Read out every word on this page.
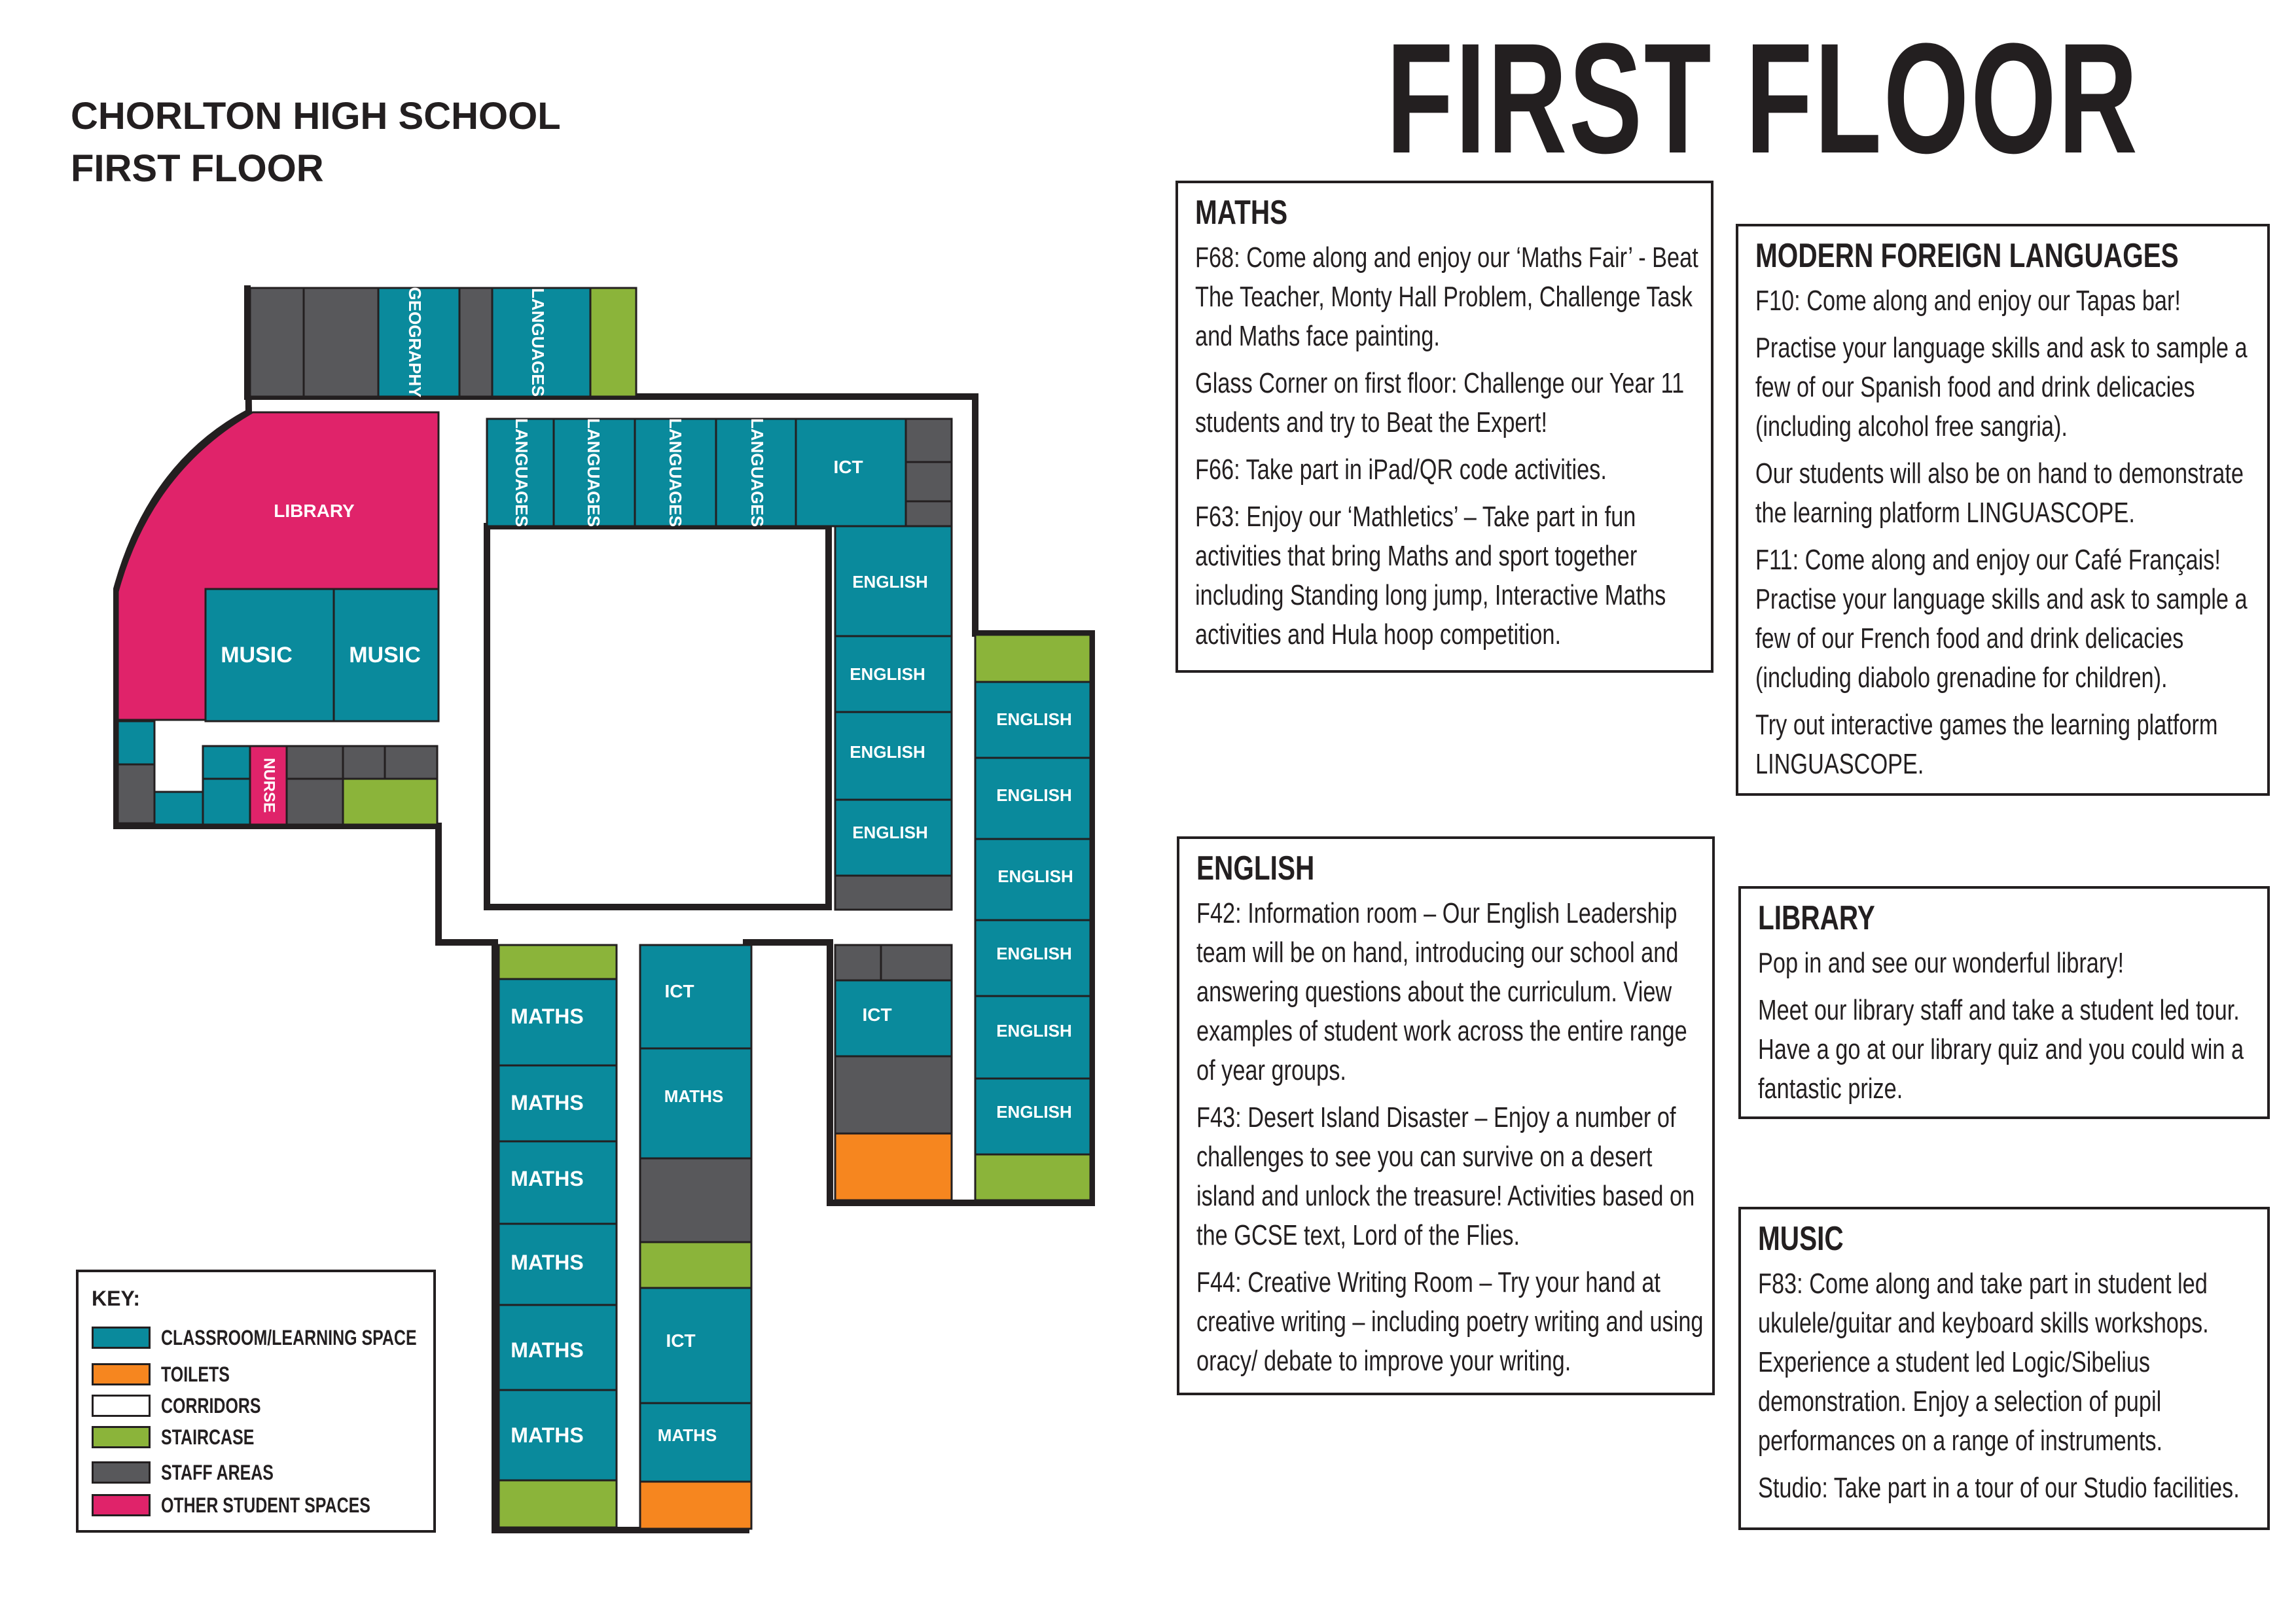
CHORLTON HIGH SCHOOL
FIRST FLOOR	FIRST FLOOR
GEOGRAPHY	LANGUAGES
LIBRARY	LANGUAGES	LANGUAGES	LANGUAGES	LANGUAGES	ICT
MUSIC	MUSIC
NURSE
ENGLISH
ENGLISH
ENGLISH
ENGLISH
ENGLISH
ENGLISH
ENGLISH
ENGLISH
ENGLISH
ENGLISH
ICT
ICT
MATHS
ICT
MATHS
MATHS
MATHS
MATHS
MATHS
MATHS
MATHS
KEY:
CLASSROOM/LEARNING SPACE
TOILETS
CORRIDORS
STAIRCASE
STAFF AREAS
OTHER STUDENT SPACES
MATHS
F68: Come along and enjoy our ‘Maths Fair’ - Beat The Teacher, Monty Hall Problem, Challenge Task and Maths face painting.
Glass Corner on first floor: Challenge our Year 11 students and try to Beat the Expert!
F66: Take part in iPad/QR code activities.
F63: Enjoy our ‘Mathletics’ – Take part in fun activities that bring Maths and sport together including Standing long jump, Interactive Maths activities and Hula hoop competition.
MODERN FOREIGN LANGUAGES
F10: Come along and enjoy our Tapas bar!
Practise your language skills and ask to sample a few of our Spanish food and drink delicacies (including alcohol free sangria).
Our students will also be on hand to demonstrate the learning platform LINGUASCOPE.
F11: Come along and enjoy our Café Français! Practise your language skills and ask to sample a few of our French food and drink delicacies (including diabolo grenadine for children).
Try out interactive games the learning platform LINGUASCOPE.
ENGLISH
F42: Information room – Our English Leadership team will be on hand, introducing our school and answering questions about the curriculum. View examples of student work across the entire range of year groups.
F43: Desert Island Disaster – Enjoy a number of challenges to see you can survive on a desert island and unlock the treasure! Activities based on the GCSE text, Lord of the Flies.
F44: Creative Writing Room – Try your hand at creative writing – including poetry writing and using oracy/ debate to improve your writing.
LIBRARY
Pop in and see our wonderful library!
Meet our library staff and take a student led tour. Have a go at our library quiz and you could win a fantastic prize.
MUSIC
F83: Come along and take part in student led ukulele/guitar and keyboard skills workshops. Experience a student led Logic/Sibelius demonstration. Enjoy a selection of pupil performances on a range of instruments.
Studio: Take part in a tour of our Studio facilities.
